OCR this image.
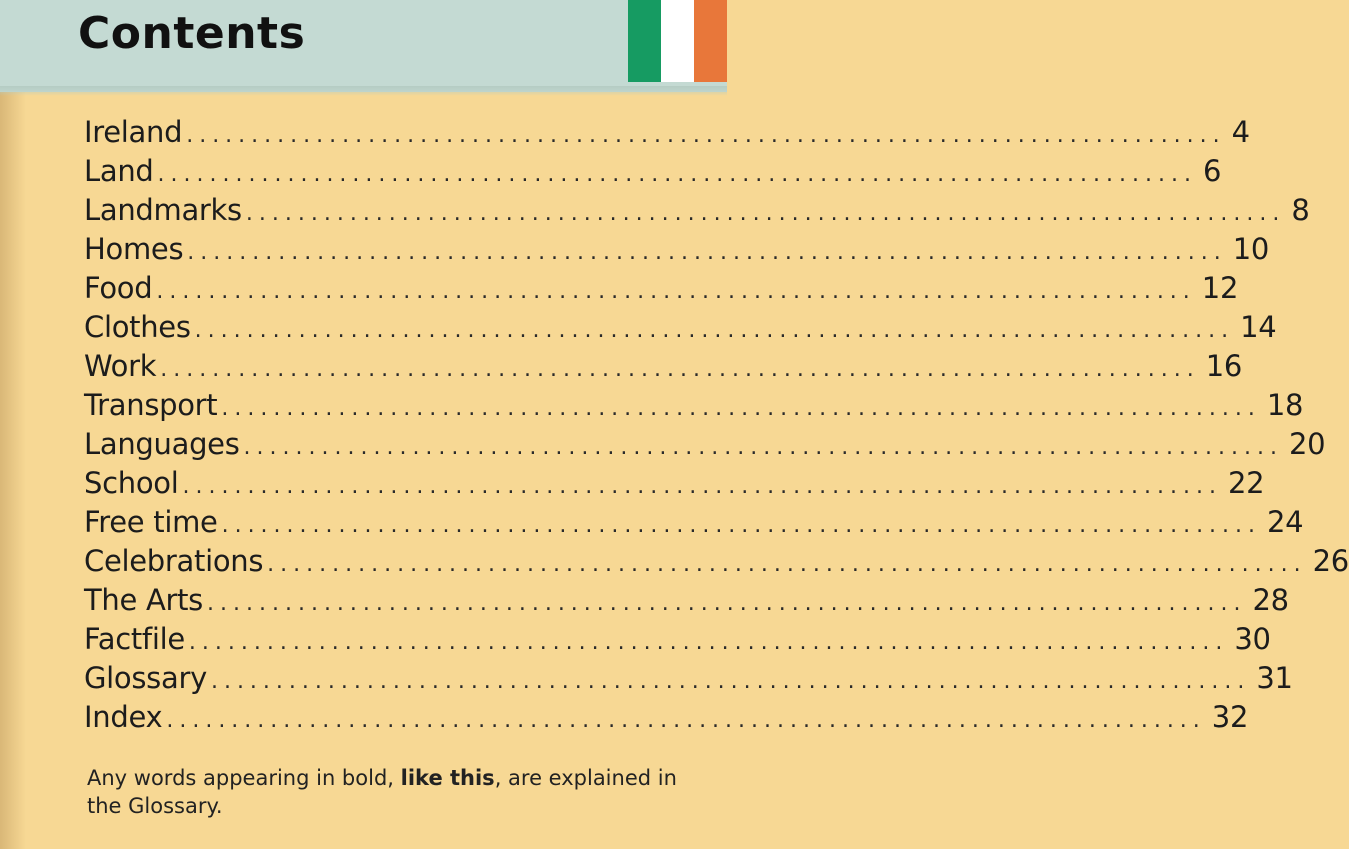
Contents
Ireland ................................................................................ 4
Land ................................................................................ 6
Landmarks ................................................................................ 8
Homes ................................................................................ 10
Food ................................................................................ 12
Clothes ................................................................................ 14
Work ................................................................................ 16
Transport ................................................................................ 18
Languages ................................................................................ 20
School ................................................................................ 22
Free time ................................................................................ 24
Celebrations ................................................................................ 26
The Arts ................................................................................ 28
Factfile ................................................................................ 30
Glossary ................................................................................ 31
Index ................................................................................ 32

Any words appearing in bold, like this, are explained in the Glossary.
